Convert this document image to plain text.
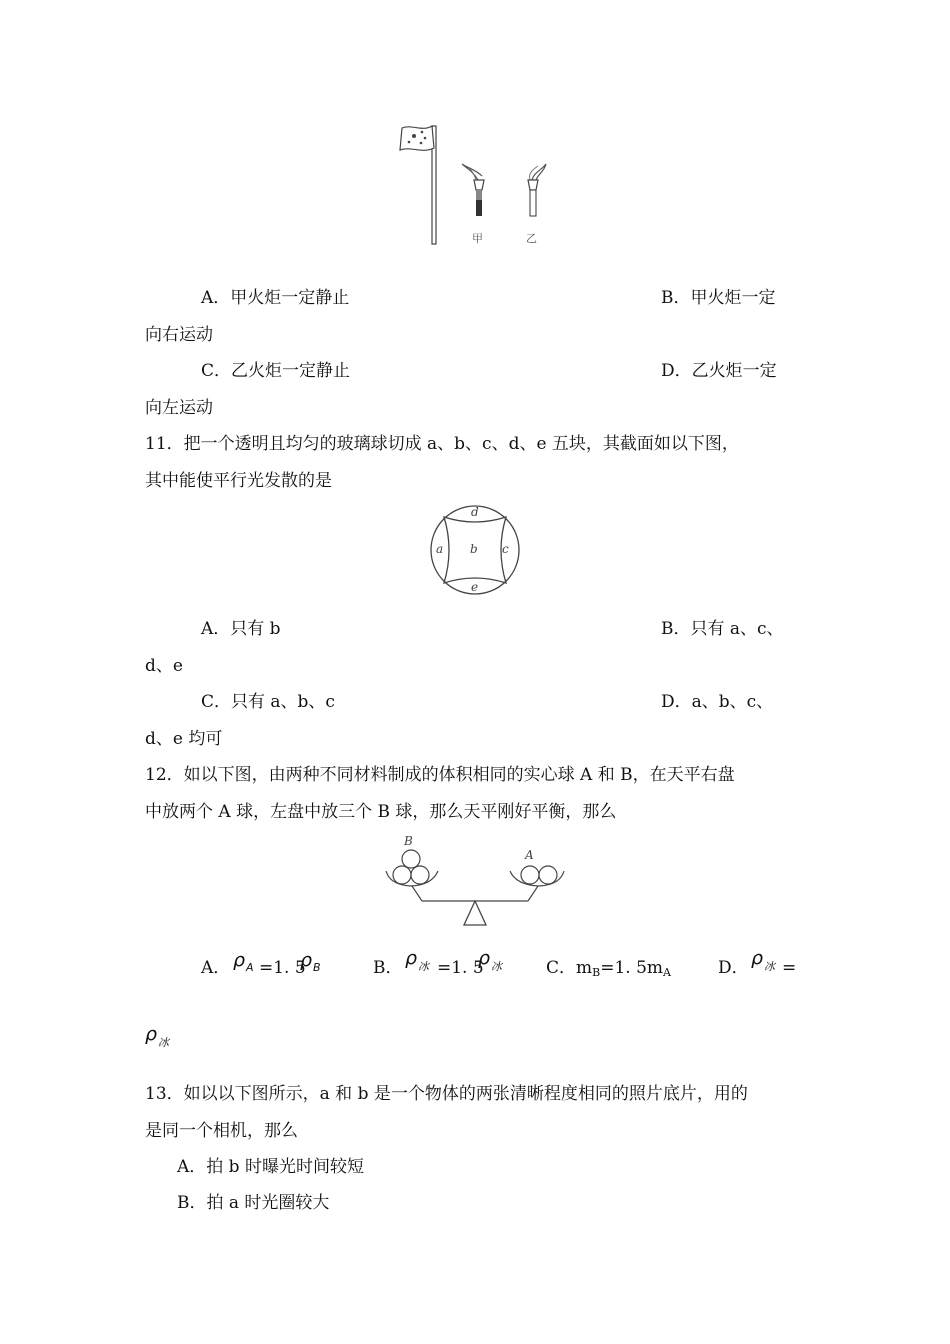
甲	乙
A．甲火炬一定静止	B．甲火炬一定
向右运动
C．乙火炬一定静止	D．乙火炬一定
向左运动
11．把一个透明且均匀的玻璃球切成 a、b、c、d、e 五块，其截面如以下图，
其中能使平行光发散的是
a b c
d
e
A．只有 b	B．只有 a、c、
d、e
C．只有 a、b、c	D．a、b、c、
d、e 均可
12．如以下图，由两种不同材料制成的体积相同的实心球 A 和 B，在天平右盘
中放两个 A 球，左盘中放三个 B 球，那么天平刚好平衡，那么
B
A
A． ρ A =1. 5
ρ B	B． ρ 冰 =1. 5
ρ 冰	C．$m_B=1$. $5m_A$	D． ρ 冰 =
ρ 冰
13．如以以下图所示，a 和 b 是一个物体的两张清晰程度相同的照片底片，用的
是同一个相机，那么
A．拍 b 时曝光时间较短
B．拍 a 时光圈较大
